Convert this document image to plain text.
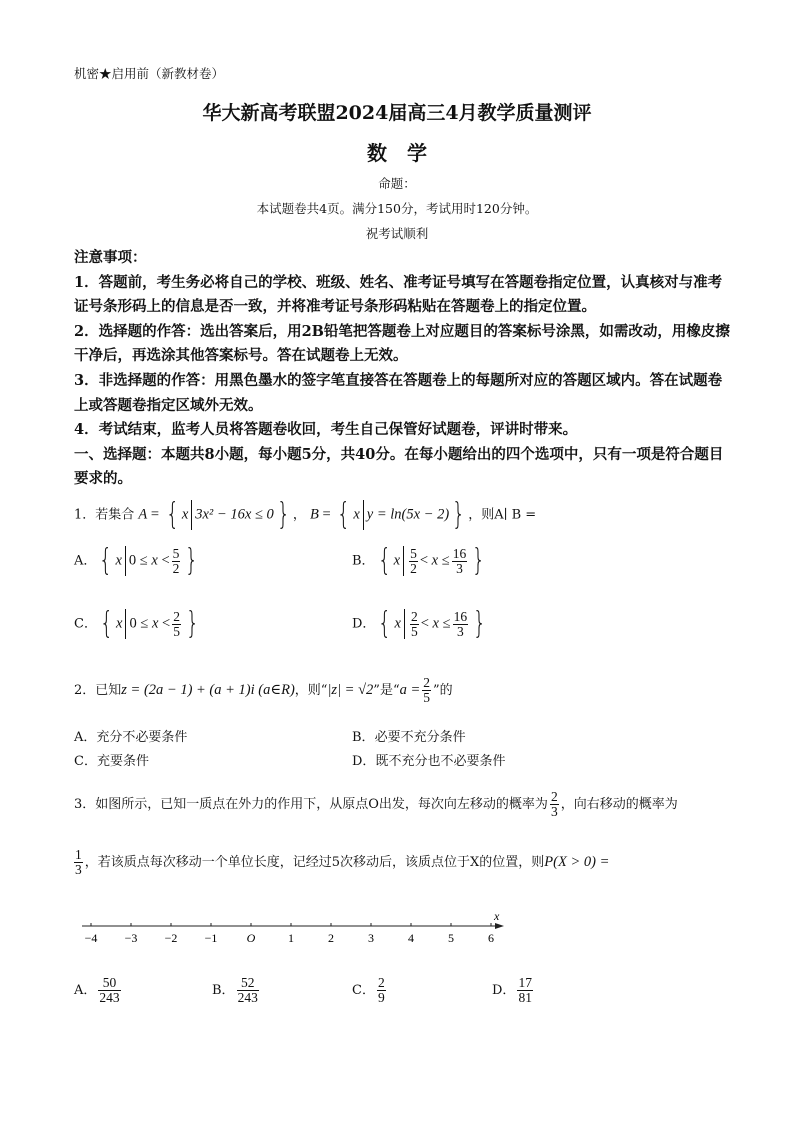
机密★启用前（新教材卷）
华大新高考联盟2024届高三4月教学质量测评
数　学
命题：
本试题卷共4页。满分150分，考试用时120分钟。
祝考试顺利

注意事项：

1．答题前，考生务必将自己的学校、班级、姓名、准考证号填写在答题卷指定位置，认真核对与准考证号条形码上的信息是否一致，并将准考证号条形码粘贴在答题卷上的指定位置。

2．选择题的作答：选出答案后，用2B铅笔把答题卷上对应题目的答案标号涂黑，如需改动，用橡皮擦干净后，再选涂其他答案标号。答在试题卷上无效。

3．非选择题的作答：用黑色墨水的签字笔直接答在答题卷上的每题所对应的答题区域内。答在试题卷上或答题卷指定区域外无效。

4．考试结束，监考人员将答题卷收回，考生自己保管好试题卷，评讲时带来。

一、选择题：本题共8小题，每小题5分，共40分。在每小题给出的四个选项中，只有一项是符合题目要求的。

1．若集合 A = { x 3x² − 16x ≤ 0} ， B = { x y = ln(5x − 2)} ，则A∣ B =
A．{ x $0 \le x < \frac{5}{2}$ }	B．{ x $\frac{5}{2} < x \le \frac{16}{3}$ }
C．{ x $0 \le x < \frac{2}{5}$ }	D．{ x $\frac{2}{5} < x \le \frac{16}{3}$ }
2．已知z = (2a − 1) + (a + 1)i (a∈R)，则“|z| = √2”是“$a = \frac{2}{5}$ ”的
A．充分不必要条件	B．必要不充分条件
C．充要条件	D．既不充分也不必要条件
3．如图所示，已知一质点在外力的作用下，从原点O出发，每次向左移动的概率为 $\frac{2}{3}$ ，向右移动的概率为
$\frac{1}{3}$ ，若该质点每次移动一个单位长度，记经过5次移动后，该质点位于X的位置，则P(X > 0) =
x
−4 −3 −2 −1 O	1	2	3	4	5	6
A． $\frac{50}{243}$	B． $\frac{52}{243}$	C． $\frac{2}{9}$	D． $\frac{17}{81}$
